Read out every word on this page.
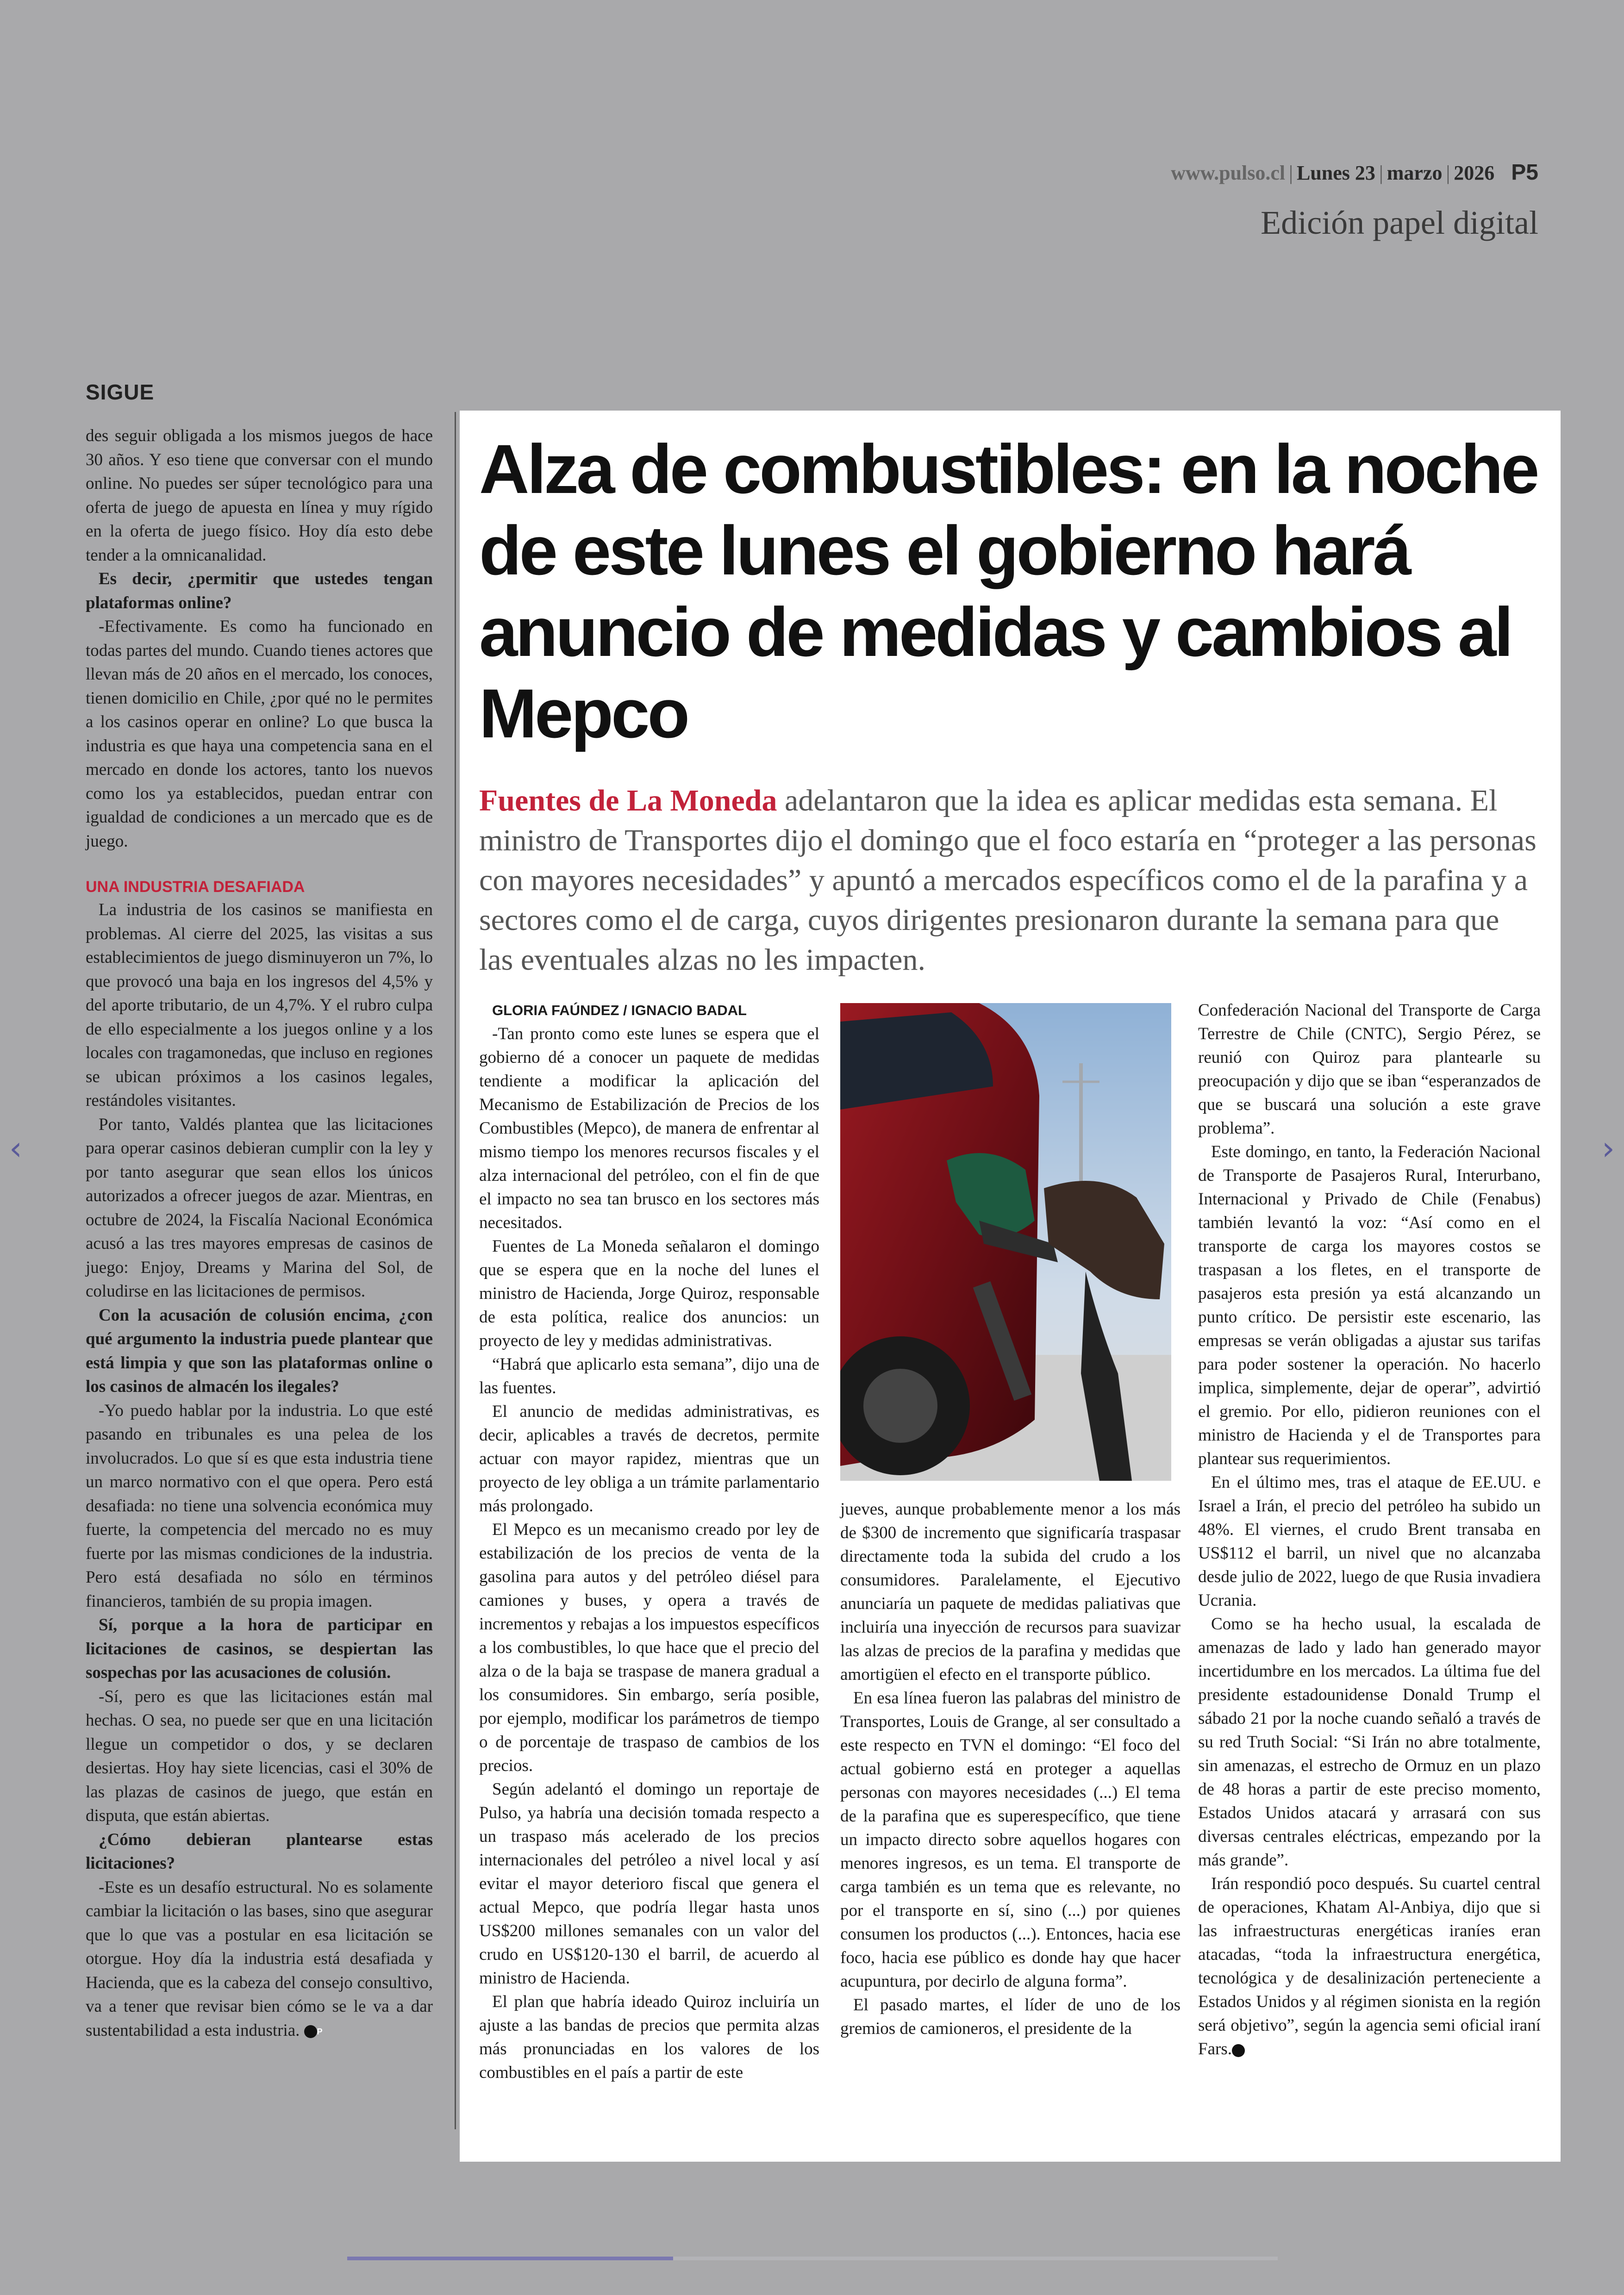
www.pulso.cl | Lunes 23 | marzo | 2026 P5
Edición papel digital
SIGUE

des seguir obligada a los mismos juegos de hace 30 años. Y eso tiene que conversar con el mundo online. No puedes ser súper tecnológico para una oferta de juego de apuesta en línea y muy rígido en la oferta de juego físico. Hoy día esto debe tender a la omnicanalidad.

Es decir, ¿permitir que ustedes tengan plataformas online?

-Efectivamente. Es como ha funcionado en todas partes del mundo. Cuando tienes actores que llevan más de 20 años en el mercado, los conoces, tienen domicilio en Chile, ¿por qué no le permites a los casinos operar en online? Lo que busca la industria es que haya una competencia sana en el mercado en donde los actores, tanto los nuevos como los ya establecidos, puedan entrar con igualdad de condiciones a un mercado que es de juego.

UNA INDUSTRIA DESAFIADA

La industria de los casinos se manifiesta en problemas. Al cierre del 2025, las visitas a sus establecimientos de juego disminuyeron un 7%, lo que provocó una baja en los ingresos del 4,5% y del aporte tributario, de un 4,7%. Y el rubro culpa de ello especialmente a los juegos online y a los locales con tragamonedas, que incluso en regiones se ubican próximos a los casinos legales, restándoles visitantes.

Por tanto, Valdés plantea que las licitaciones para operar casinos debieran cumplir con la ley y por tanto asegurar que sean ellos los únicos autorizados a ofrecer juegos de azar. Mientras, en octubre de 2024, la Fiscalía Nacional Económica acusó a las tres mayores empresas de casinos de juego: Enjoy, Dreams y Marina del Sol, de coludirse en las licitaciones de permisos.

Con la acusación de colusión encima, ¿con qué argumento la industria puede plantear que está limpia y que son las plataformas online o los casinos de almacén los ilegales?

-Yo puedo hablar por la industria. Lo que esté pasando en tribunales es una pelea de los involucrados. Lo que sí es que esta industria tiene un marco normativo con el que opera. Pero está desafiada: no tiene una solvencia económica muy fuerte, la competencia del mercado no es muy fuerte por las mismas condiciones de la industria. Pero está desafiada no sólo en términos financieros, también de su propia imagen.

Sí, porque a la hora de participar en licitaciones de casinos, se despiertan las sospechas por las acusaciones de colusión.

-Sí, pero es que las licitaciones están mal hechas. O sea, no puede ser que en una licitación llegue un competidor o dos, y se declaren desiertas. Hoy hay siete licencias, casi el 30% de las plazas de casinos de juego, que están en disputa, que están abiertas.

¿Cómo debieran plantearse estas licitaciones?

-Este es un desafío estructural. No es solamente cambiar la licitación o las bases, sino que asegurar que lo que vas a postular en esa licitación se otorgue. Hoy día la industria está desafiada y Hacienda, que es la cabeza del consejo consultivo, va a tener que revisar bien cómo se le va a dar sustentabilidad a esta industria. P

Alza de combustibles: en la noche de este lunes el gobierno hará anuncio de medidas y cambios al Mepco

Fuentes de La Moneda adelantaron que la idea es aplicar medidas esta semana. El ministro de Transportes dijo el domingo que el foco estaría en “proteger a las personas con mayores necesidades” y apuntó a mercados específicos como el de la parafina y a sectores como el de carga, cuyos dirigentes presionaron durante la semana para que las eventuales alzas no les impacten.

GLORIA FAÚNDEZ / IGNACIO BADAL

-Tan pronto como este lunes se espera que el gobierno dé a conocer un paquete de medidas tendiente a modificar la aplicación del Mecanismo de Estabilización de Precios de los Combustibles (Mepco), de manera de enfrentar al mismo tiempo los menores recursos fiscales y el alza internacional del petróleo, con el fin de que el impacto no sea tan brusco en los sectores más necesitados.

Fuentes de La Moneda señalaron el domingo que se espera que en la noche del lunes el ministro de Hacienda, Jorge Quiroz, responsable de esta política, realice dos anuncios: un proyecto de ley y medidas administrativas.

“Habrá que aplicarlo esta semana”, dijo una de las fuentes.

El anuncio de medidas administrativas, es decir, aplicables a través de decretos, permite actuar con mayor rapidez, mientras que un proyecto de ley obliga a un trámite parlamentario más prolongado.

El Mepco es un mecanismo creado por ley de estabilización de los precios de venta de la gasolina para autos y del petróleo diésel para camiones y buses, y opera a través de incrementos y rebajas a los impuestos específicos a los combustibles, lo que hace que el precio del alza o de la baja se traspase de manera gradual a los consumidores. Sin embargo, sería posible, por ejemplo, modificar los parámetros de tiempo o de porcentaje de traspaso de cambios de los precios.

Según adelantó el domingo un reportaje de Pulso, ya habría una decisión tomada respecto a un traspaso más acelerado de los precios internacionales del petróleo a nivel local y así evitar el mayor deterioro fiscal que genera el actual Mepco, que podría llegar hasta unos US$200 millones semanales con un valor del crudo en US$120-130 el barril, de acuerdo al ministro de Hacienda.

El plan que habría ideado Quiroz incluiría un ajuste a las bandas de precios que permita alzas más pronunciadas en los valores de los combustibles en el país a partir de este

jueves, aunque probablemente menor a los más de $300 de incremento que significaría traspasar directamente toda la subida del crudo a los consumidores. Paralelamente, el Ejecutivo anunciaría un paquete de medidas paliativas que incluiría una inyección de recursos para suavizar las alzas de precios de la parafina y medidas que amortigüen el efecto en el transporte público.

En esa línea fueron las palabras del ministro de Transportes, Louis de Grange, al ser consultado a este respecto en TVN el domingo: “El foco del actual gobierno está en proteger a aquellas personas con mayores necesidades (...) El tema de la parafina que es superespecífico, que tiene un impacto directo sobre aquellos hogares con menores ingresos, es un tema. El transporte de carga también es un tema que es relevante, no por el transporte en sí, sino (...) por quienes consumen los productos (...). Entonces, hacia ese foco, hacia ese público es donde hay que hacer acupuntura, por decirlo de alguna forma”.

El pasado martes, el líder de uno de los gremios de camioneros, el presidente de la

Confederación Nacional del Transporte de Carga Terrestre de Chile (CNTC), Sergio Pérez, se reunió con Quiroz para plantearle su preocupación y dijo que se iban “esperanzados de que se buscará una solución a este grave problema”.

Este domingo, en tanto, la Federación Nacional de Transporte de Pasajeros Rural, Interurbano, Internacional y Privado de Chile (Fenabus) también levantó la voz: “Así como en el transporte de carga los mayores costos se traspasan a los fletes, en el transporte de pasajeros esta presión ya está alcanzando un punto crítico. De persistir este escenario, las empresas se verán obligadas a ajustar sus tarifas para poder sostener la operación. No hacerlo implica, simplemente, dejar de operar”, advirtió el gremio. Por ello, pidieron reuniones con el ministro de Hacienda y el de Transportes para plantear sus requerimientos.

En el último mes, tras el ataque de EE.UU. e Israel a Irán, el precio del petróleo ha subido un 48%. El viernes, el crudo Brent transaba en US$112 el barril, un nivel que no alcanzaba desde julio de 2022, luego de que Rusia invadiera Ucrania.

Como se ha hecho usual, la escalada de amenazas de lado y lado han generado mayor incertidumbre en los mercados. La última fue del presidente estadounidense Donald Trump el sábado 21 por la noche cuando señaló a través de su red Truth Social: “Si Irán no abre totalmente, sin amenazas, el estrecho de Ormuz en un plazo de 48 horas a partir de este preciso momento, Estados Unidos atacará y arrasará con sus diversas centrales eléctricas, empezando por la más grande”.

Irán respondió poco después. Su cuartel central de operaciones, Khatam Al-Anbiya, dijo que si las infraestructuras energéticas iraníes eran atacadas, “toda la infraestructura energética, tecnológica y de desalinización perteneciente a Estados Unidos y al régimen sionista en la región será objetivo”, según la agencia semi oficial iraní Fars. P

‹	›
